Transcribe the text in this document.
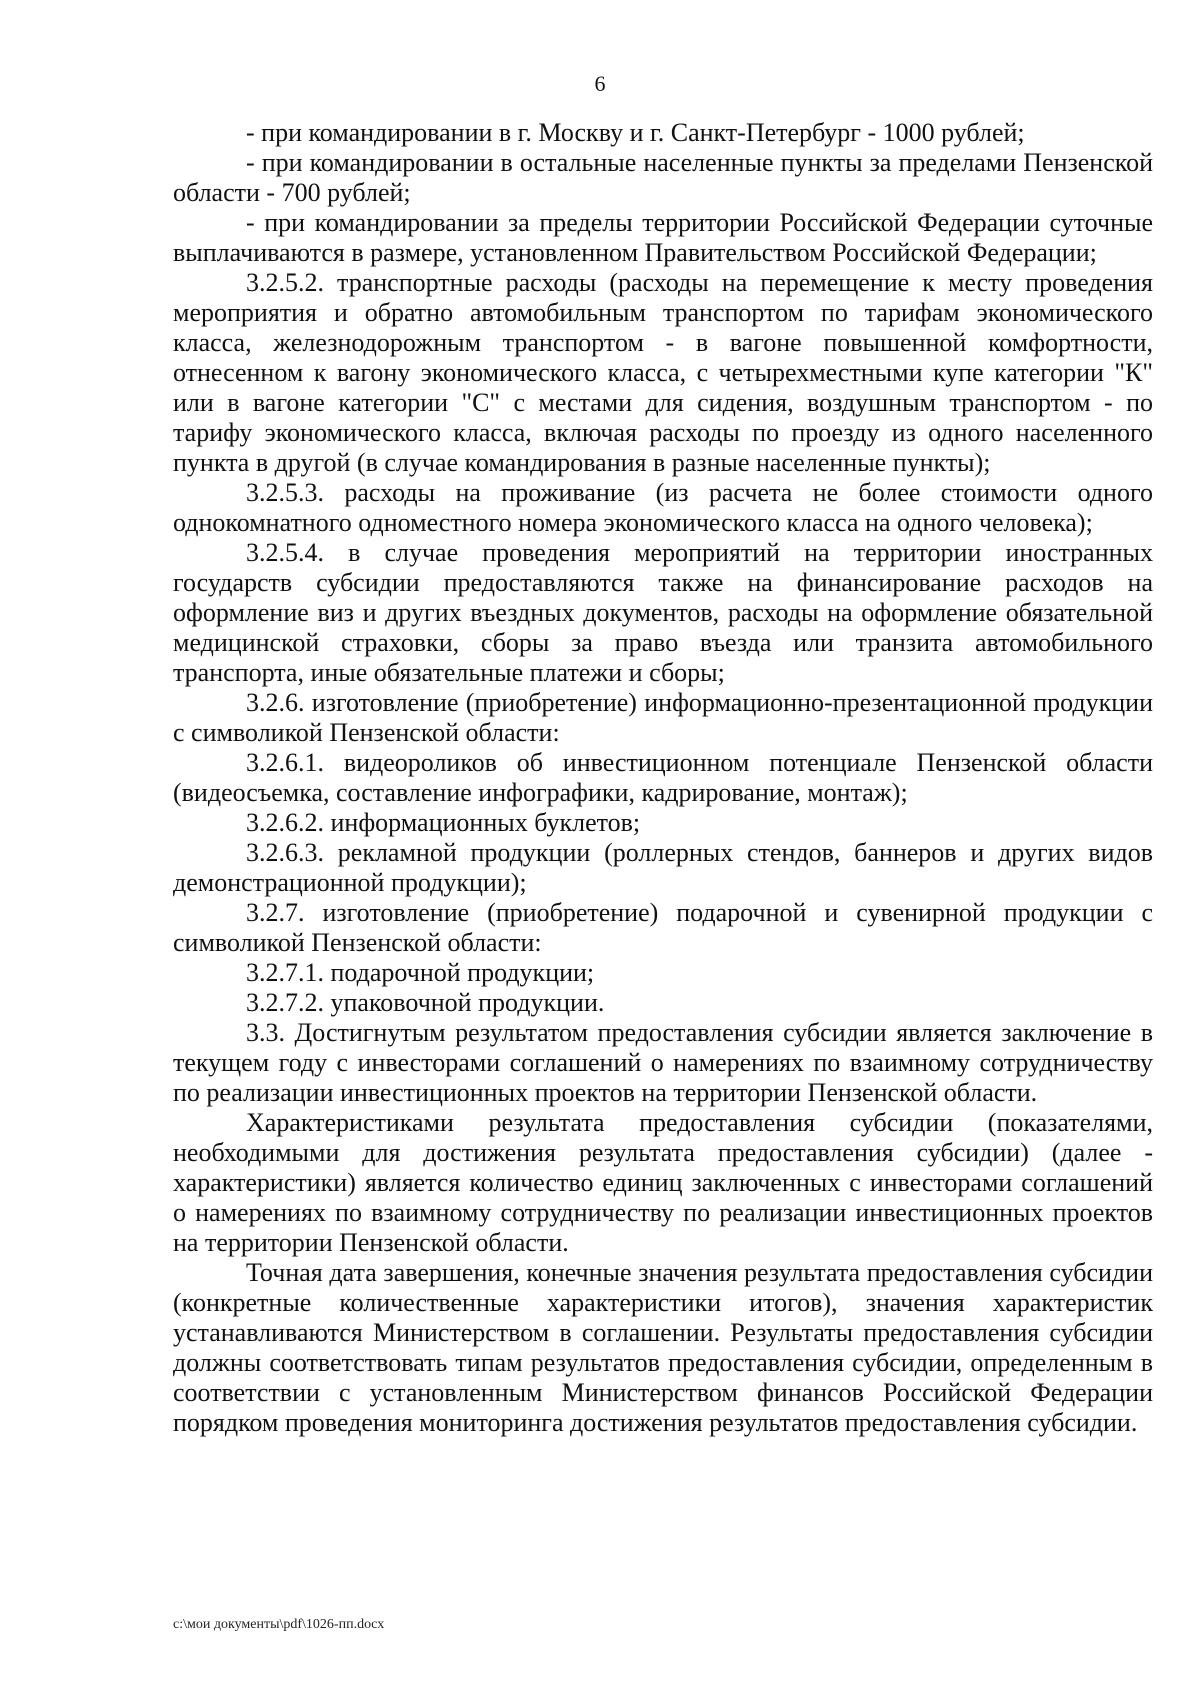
6

- при командировании в г. Москву и г. Санкт-Петербург - 1000 рублей;

- при командировании в остальные населенные пункты за пределами Пензенской области - 700 рублей;

- при командировании за пределы территории Российской Федерации суточные выплачиваются в размере, установленном Правительством Российской Федерации;

3.2.5.2. транспортные расходы (расходы на перемещение к месту проведения мероприятия и обратно автомобильным транспортом по тарифам экономического класса, железнодорожным транспортом - в вагоне повышенной комфортности, отнесенном к вагону экономического класса, с четырехместными купе категории "К" или в вагоне категории "С" с местами для сидения, воздушным транспортом - по тарифу экономического класса, включая расходы по проезду из одного населенного пункта в другой (в случае командирования в разные населенные пункты);

3.2.5.3. расходы на проживание (из расчета не более стоимости одного однокомнатного одноместного номера экономического класса на одного человека);

3.2.5.4. в случае проведения мероприятий на территории иностранных государств субсидии предоставляются также на финансирование расходов на оформление виз и других въездных документов, расходы на оформление обязательной медицинской страховки, сборы за право въезда или транзита автомобильного транспорта, иные обязательные платежи и сборы;

3.2.6. изготовление (приобретение) информационно-презентационной продукции с символикой Пензенской области:

3.2.6.1. видеороликов об инвестиционном потенциале Пензенской области (видеосъемка, составление инфографики, кадрирование, монтаж);

3.2.6.2. информационных буклетов;

3.2.6.3. рекламной продукции (роллерных стендов, баннеров и других видов демонстрационной продукции);

3.2.7. изготовление (приобретение) подарочной и сувенирной продукции с символикой Пензенской области:

3.2.7.1. подарочной продукции;

3.2.7.2. упаковочной продукции.

3.3. Достигнутым результатом предоставления субсидии является заключение в текущем году с инвесторами соглашений о намерениях по взаимному сотрудничеству по реализации инвестиционных проектов на территории Пензенской области.

Характеристиками результата предоставления субсидии (показателями, необходимыми для достижения результата предоставления субсидии) (далее - характеристики) является количество единиц заключенных с инвесторами соглашений о намерениях по взаимному сотрудничеству по реализации инвестиционных проектов на территории Пензенской области.

Точная дата завершения, конечные значения результата предоставления субсидии (конкретные количественные характеристики итогов), значения характеристик устанавливаются Министерством в соглашении. Результаты предоставления субсидии должны соответствовать типам результатов предоставления субсидии, определенным в соответствии с установленным Министерством финансов Российской Федерации порядком проведения мониторинга достижения результатов предоставления субсидии.

c:\мои документы\pdf\1026-пп.docx
